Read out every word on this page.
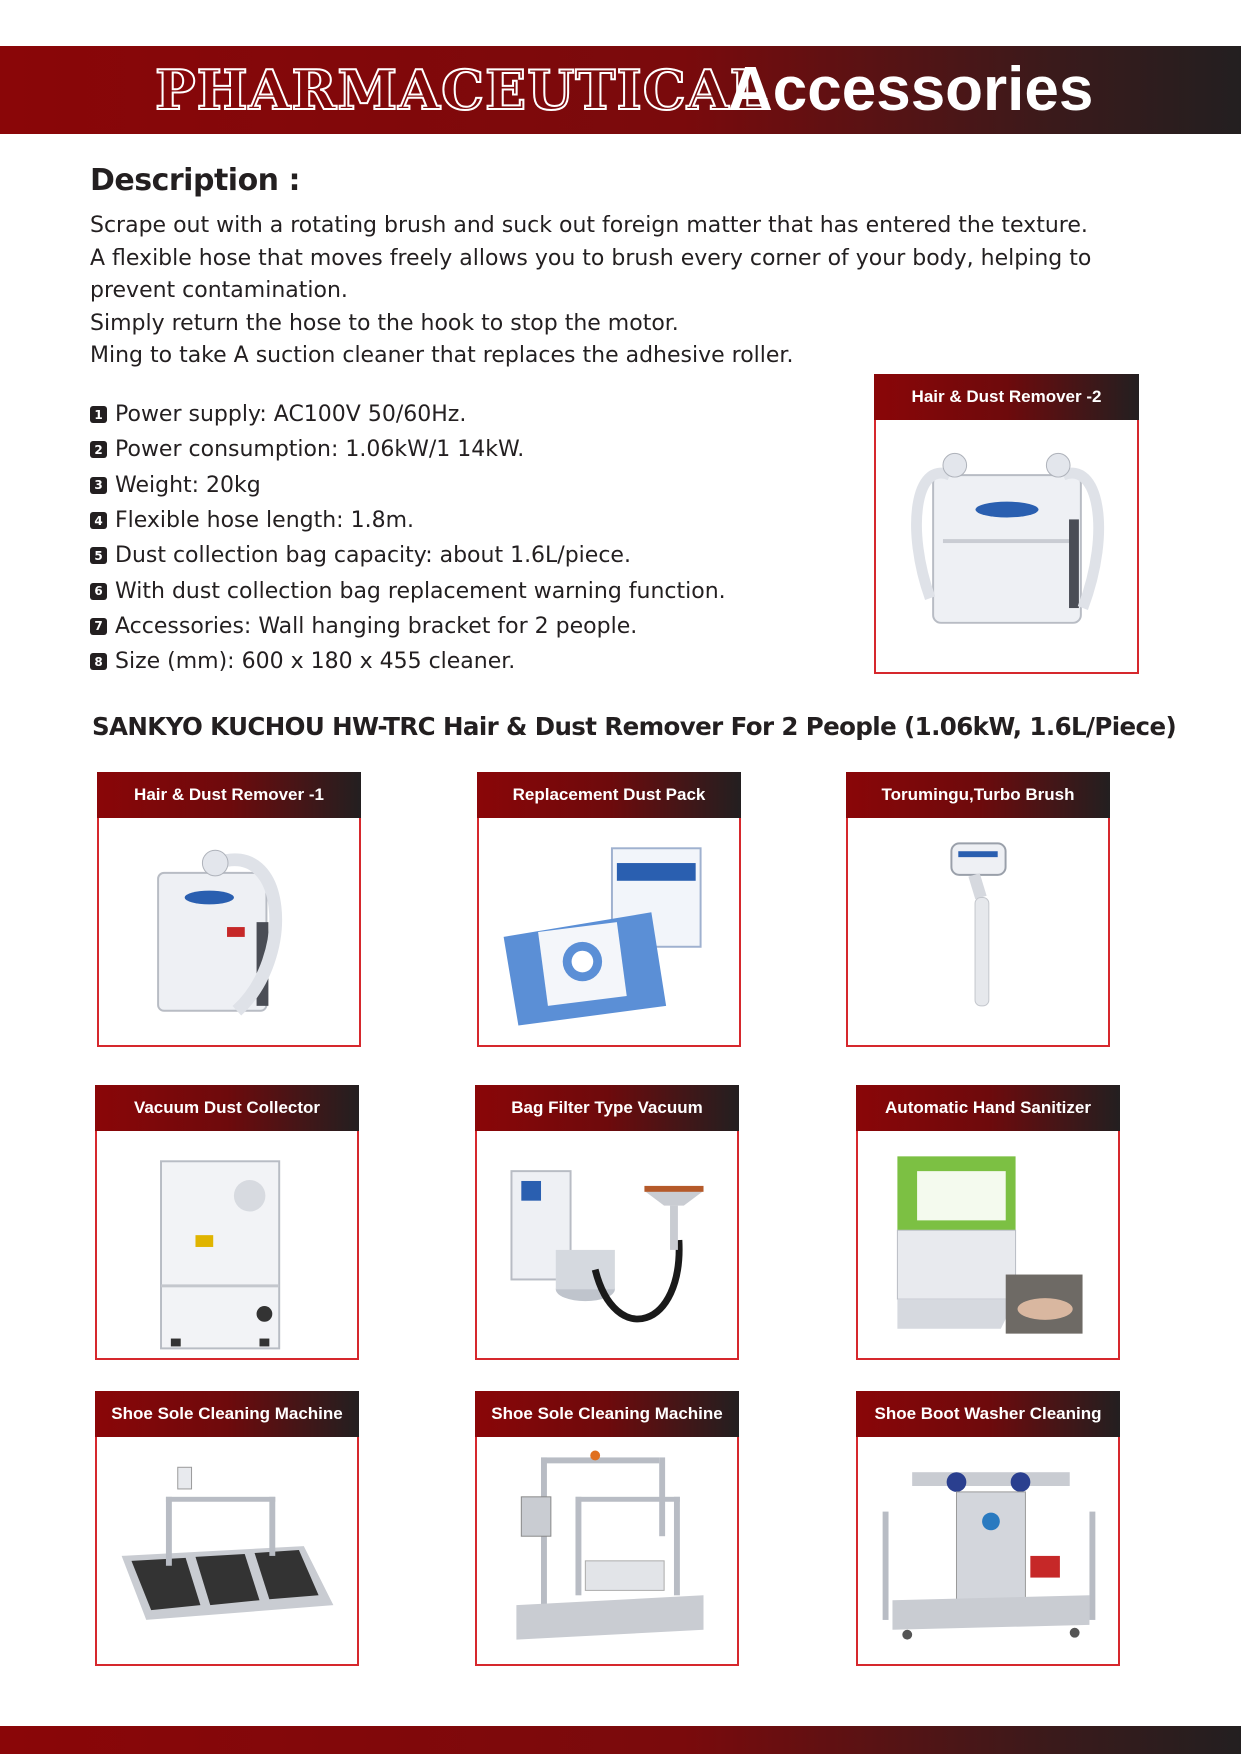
PHARMACEUTICAL
Accessories
Description :
Scrape out with a rotating brush and suck out foreign matter that has entered the texture.
A flexible hose that moves freely allows you to brush every corner of your body, helping to
prevent contamination.
Simply return the hose to the hook to stop the motor.
Ming to take A suction cleaner that replaces the adhesive roller.
1 Power supply: AC100V 50/60Hz.
2 Power consumption: 1.06kW/1 14kW.
3 Weight: 20kg
4 Flexible hose length: 1.8m.
5 Dust collection bag capacity: about 1.6L/piece.
6 With dust collection bag replacement warning function.
7 Accessories: Wall hanging bracket for 2 people.
8 Size (mm): 600 x 180 x 455 cleaner.
Hair & Dust Remover -2
SANKYO KUCHOU HW-TRC Hair & Dust Remover For 2 People (1.06kW, 1.6L/Piece)
Hair & Dust Remover -1	Replacement Dust Pack	Torumingu,Turbo Brush
Vacuum Dust Collector	Bag Filter Type Vacuum	Automatic Hand Sanitizer
Shoe Sole Cleaning Machine	Shoe Sole Cleaning Machine	Shoe Boot Washer Cleaning
